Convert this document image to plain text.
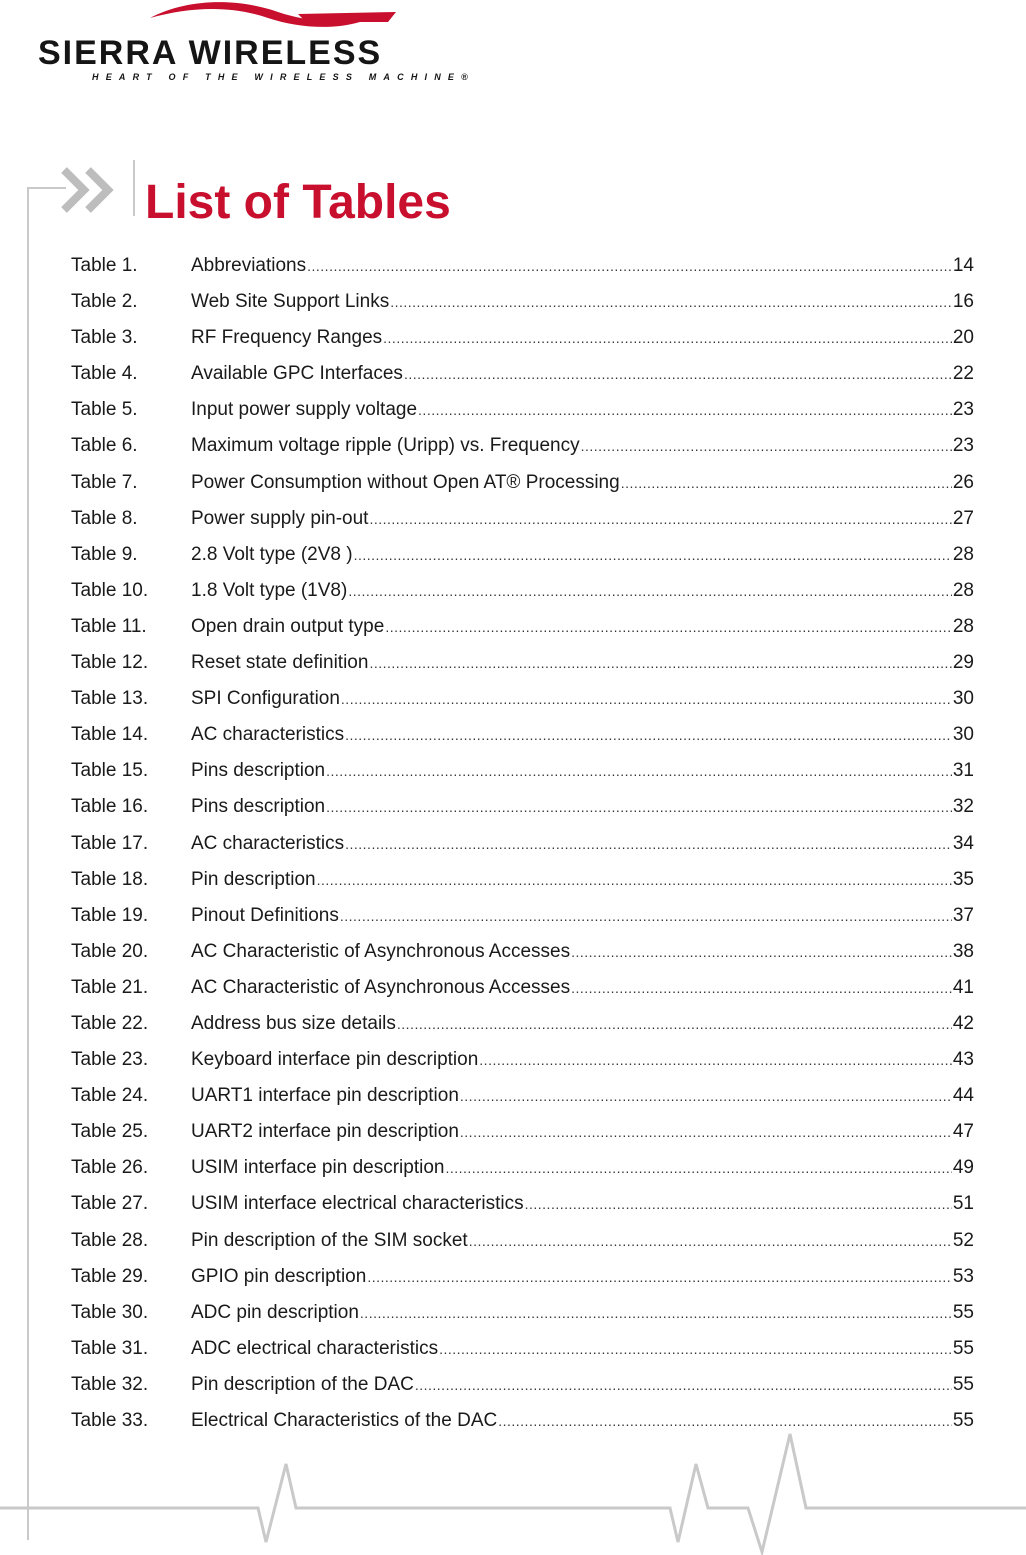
SIERRA WIRELESS
HEART OF THE WIRELESS MACHINE®
List of Tables
Table 1.	Abbreviations .....	14
Table 2.	Web Site Support Links .....	16
Table 3.	RF Frequency Ranges .....	20
Table 4.	Available GPC Interfaces .....	22
Table 5.	Input power supply voltage .....	23
Table 6.	Maximum voltage ripple (Uripp) vs. Frequency .....	23
Table 7.	Power Consumption without Open AT® Processing .....	26
Table 8.	Power supply pin-out .....	27
Table 9.	2.8 Volt type (2V8 ) .....	28
Table 10.	1.8 Volt type (1V8) .....	28
Table 11.	Open drain output type .....	28
Table 12.	Reset state definition .....	29
Table 13.	SPI Configuration .....	30
Table 14.	AC characteristics .....	30
Table 15.	Pins description .....	31
Table 16.	Pins description .....	32
Table 17.	AC characteristics .....	34
Table 18.	Pin description .....	35
Table 19.	Pinout Definitions .....	37
Table 20.	AC Characteristic of Asynchronous Accesses .....	38
Table 21.	AC Characteristic of Asynchronous Accesses .....	41
Table 22.	Address bus size details .....	42
Table 23.	Keyboard interface pin description .....	43
Table 24.	UART1 interface pin description .....	44
Table 25.	UART2 interface pin description .....	47
Table 26.	USIM interface pin description .....	49
Table 27.	USIM interface electrical characteristics .....	51
Table 28.	Pin description of the SIM socket .....	52
Table 29.	GPIO pin description .....	53
Table 30.	ADC pin description .....	55
Table 31.	ADC electrical characteristics .....	55
Table 32.	Pin description of the DAC .....	55
Table 33.	Electrical Characteristics of the DAC .....	55
